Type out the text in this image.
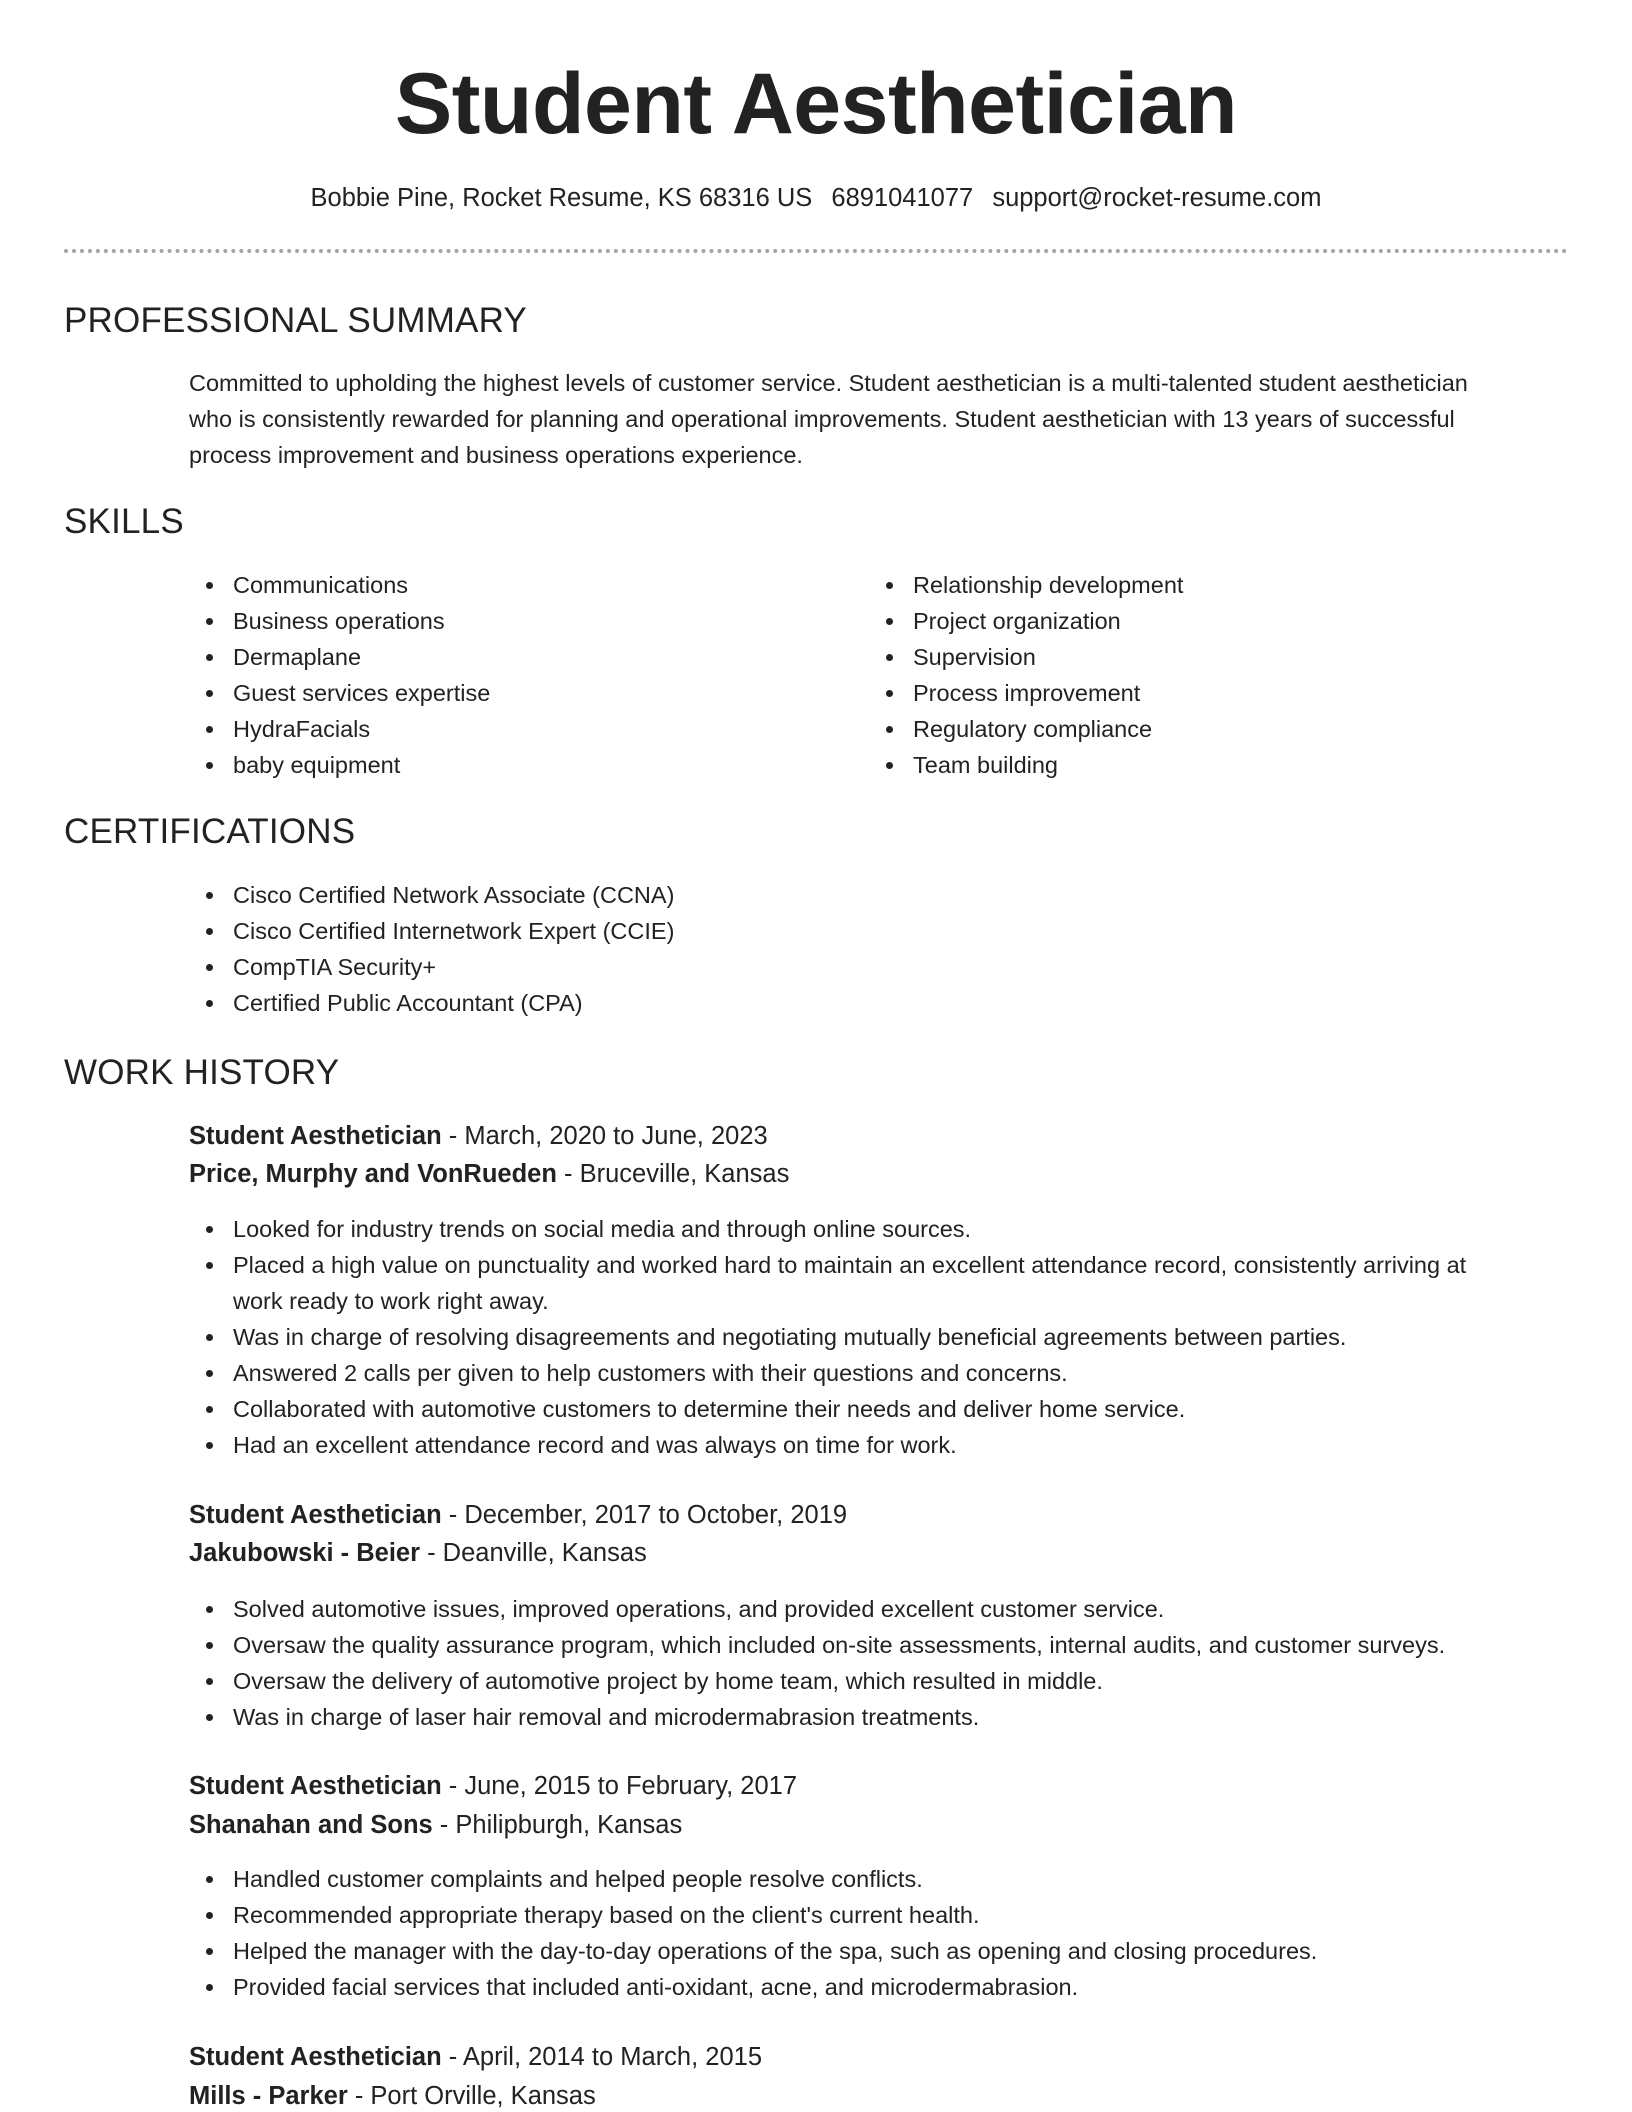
Student Aesthetician
Bobbie Pine, Rocket Resume, KS 68316 US 6891041077 support@rocket-resume.com
PROFESSIONAL SUMMARY
Committed to upholding the highest levels of customer service. Student aesthetician is a multi-talented student aesthetician
who is consistently rewarded for planning and operational improvements. Student aesthetician with 13 years of successful
process improvement and business operations experience.
SKILLS
Communications
Business operations
Dermaplane
Guest services expertise
HydraFacials
baby equipment
Relationship development
Project organization
Supervision
Process improvement
Regulatory compliance
Team building
CERTIFICATIONS
Cisco Certified Network Associate (CCNA)
Cisco Certified Internetwork Expert (CCIE)
CompTIA Security+
Certified Public Accountant (CPA)
WORK HISTORY
Student Aesthetician - March, 2020 to June, 2023
Price, Murphy and VonRueden - Bruceville, Kansas
Looked for industry trends on social media and through online sources.
Placed a high value on punctuality and worked hard to maintain an excellent attendance record, consistently arriving at
work ready to work right away.
Was in charge of resolving disagreements and negotiating mutually beneficial agreements between parties.
Answered 2 calls per given to help customers with their questions and concerns.
Collaborated with automotive customers to determine their needs and deliver home service.
Had an excellent attendance record and was always on time for work.
Student Aesthetician - December, 2017 to October, 2019
Jakubowski - Beier - Deanville, Kansas
Solved automotive issues, improved operations, and provided excellent customer service.
Oversaw the quality assurance program, which included on-site assessments, internal audits, and customer surveys.
Oversaw the delivery of automotive project by home team, which resulted in middle.
Was in charge of laser hair removal and microdermabrasion treatments.
Student Aesthetician - June, 2015 to February, 2017
Shanahan and Sons - Philipburgh, Kansas
Handled customer complaints and helped people resolve conflicts.
Recommended appropriate therapy based on the client's current health.
Helped the manager with the day-to-day operations of the spa, such as opening and closing procedures.
Provided facial services that included anti-oxidant, acne, and microdermabrasion.
Student Aesthetician - April, 2014 to March, 2015
Mills - Parker - Port Orville, Kansas
